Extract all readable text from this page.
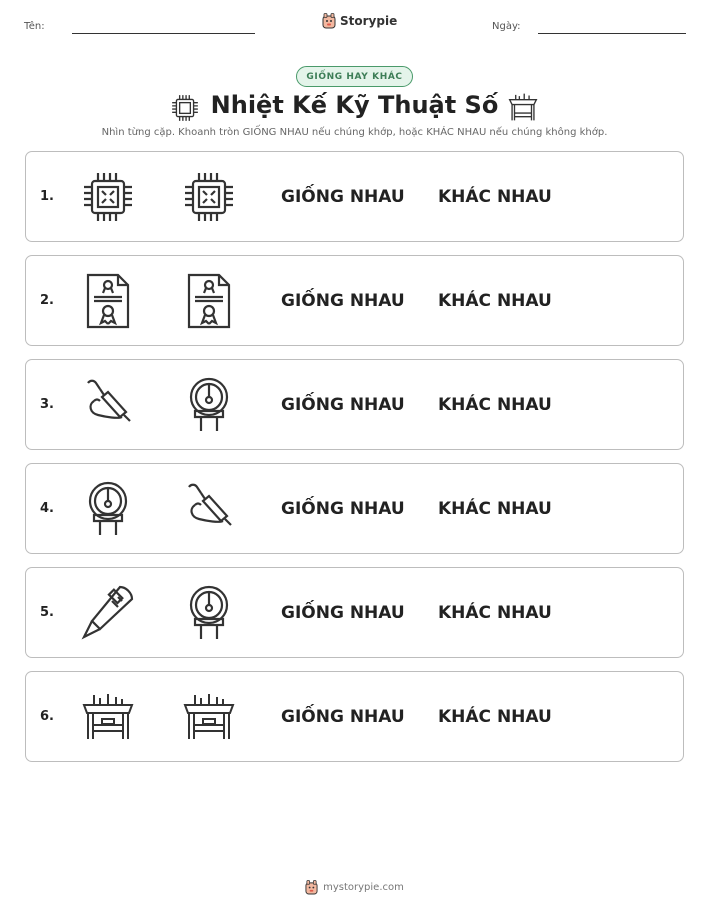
Tên:	Storypie	Ngày:
GIỐNG HAY KHÁC
Nhiệt Kế Kỹ Thuật Số
Nhìn từng cặp. Khoanh tròn GIỐNG NHAU nếu chúng khớp, hoặc KHÁC NHAU nếu chúng không khớp.
1.	GIỐNG NHAU KHÁC NHAU
2.	GIỐNG NHAU KHÁC NHAU
3.	GIỐNG NHAU KHÁC NHAU
4.	GIỐNG NHAU KHÁC NHAU
5.	GIỐNG NHAU KHÁC NHAU
6.	GIỐNG NHAU KHÁC NHAU
mystorypie.com
